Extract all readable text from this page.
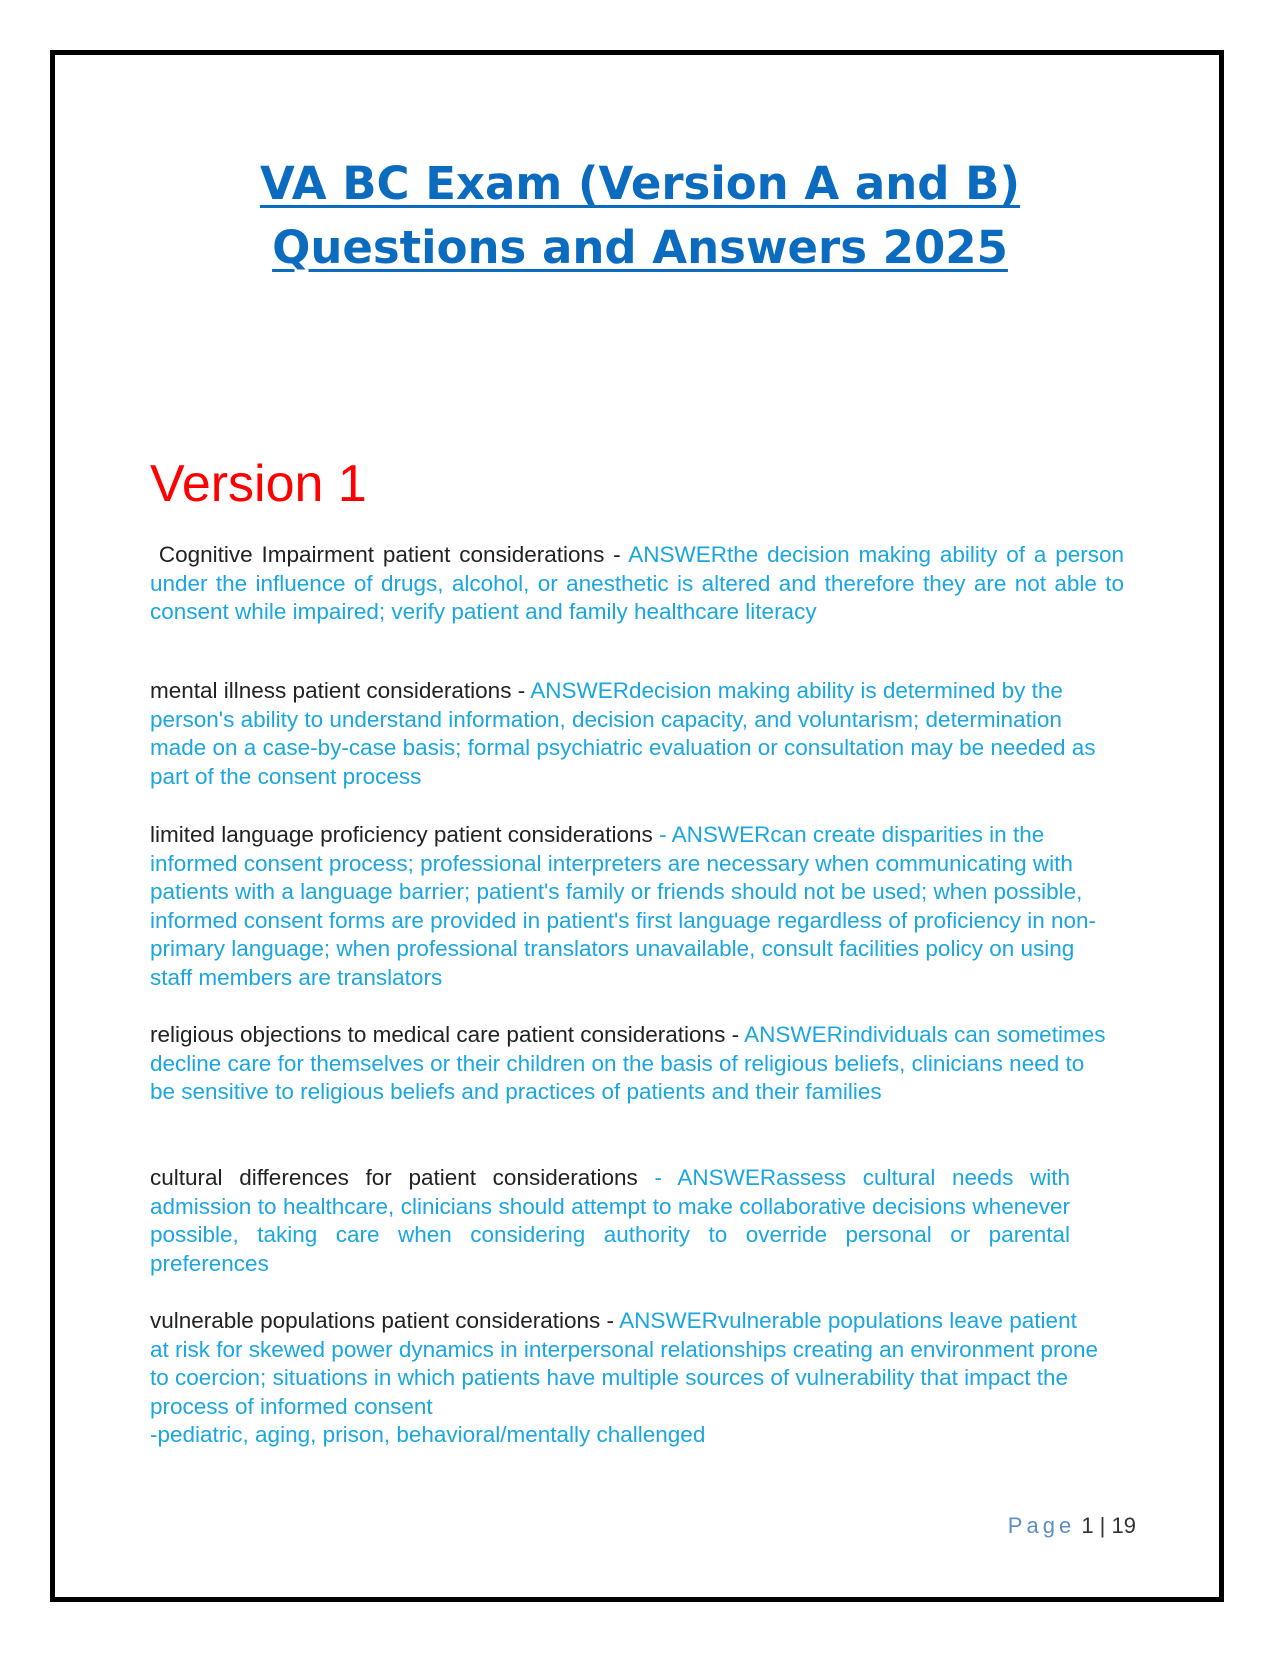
VA BC Exam (Version A and B)
Questions and Answers 2025
Version 1

Cognitive Impairment patient considerations - ANSWERthe decision making ability of a person under the influence of drugs, alcohol, or anesthetic is altered and therefore they are not able to consent while impaired; verify patient and family healthcare literacy

mental illness patient considerations - ANSWERdecision making ability is determined by the person's ability to understand information, decision capacity, and voluntarism; determination made on a case-by-case basis; formal psychiatric evaluation or consultation may be needed as part of the consent process

limited language proficiency patient considerations - ANSWERcan create disparities in the informed consent process; professional interpreters are necessary when communicating with patients with a language barrier; patient's family or friends should not be used; when possible, informed consent forms are provided in patient's first language regardless of proficiency in non-primary language; when professional translators unavailable, consult facilities policy on using staff members are translators

religious objections to medical care patient considerations - ANSWERindividuals can sometimes decline care for themselves or their children on the basis of religious beliefs, clinicians need to be sensitive to religious beliefs and practices of patients and their families

cultural differences for patient considerations - ANSWERassess cultural needs with admission to healthcare, clinicians should attempt to make collaborative decisions whenever possible, taking care when considering authority to override personal or parental preferences

vulnerable populations patient considerations - ANSWERvulnerable populations leave patient at risk for skewed power dynamics in interpersonal relationships creating an environment prone to coercion; situations in which patients have multiple sources of vulnerability that impact the process of informed consent
-pediatric, aging, prison, behavioral/mentally challenged

Page 1 | 19
